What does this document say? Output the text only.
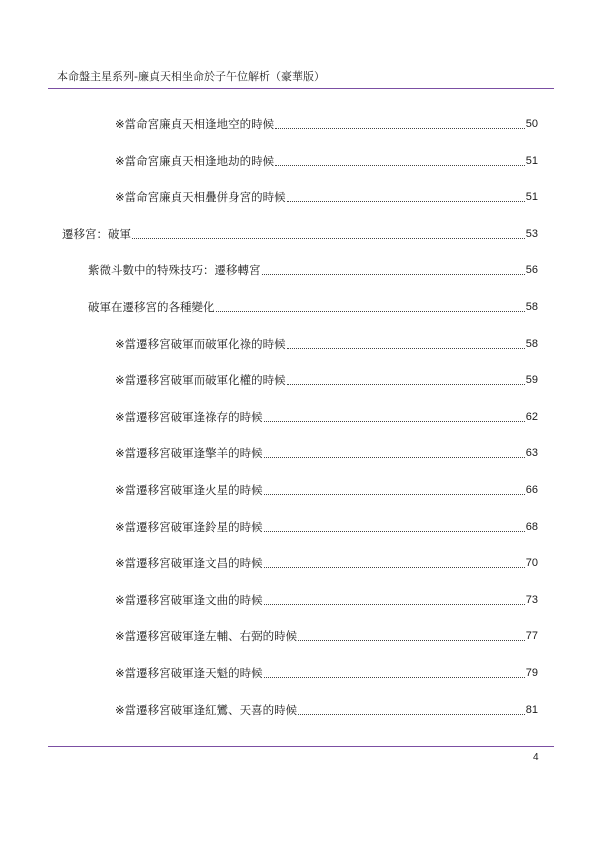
本命盤主星系列-廉貞天相坐命於子午位解析（豪華版）
※當命宮廉貞天相逢地空的時候	50
※當命宮廉貞天相逢地劫的時候	51
※當命宮廉貞天相疊併身宮的時候	51
遷移宮：破軍	53
紫微斗數中的特殊技巧：遷移轉宮	56
破軍在遷移宮的各種變化	58
※當遷移宮破軍而破軍化祿的時候	58
※當遷移宮破軍而破軍化權的時候	59
※當遷移宮破軍逢祿存的時候	62
※當遷移宮破軍逢擎羊的時候	63
※當遷移宮破軍逢火星的時候	66
※當遷移宮破軍逢鈴星的時候	68
※當遷移宮破軍逢文昌的時候	70
※當遷移宮破軍逢文曲的時候	73
※當遷移宮破軍逢左輔、右弼的時候	77
※當遷移宮破軍逢天魁的時候	79
※當遷移宮破軍逢紅鸞、天喜的時候	81
4
